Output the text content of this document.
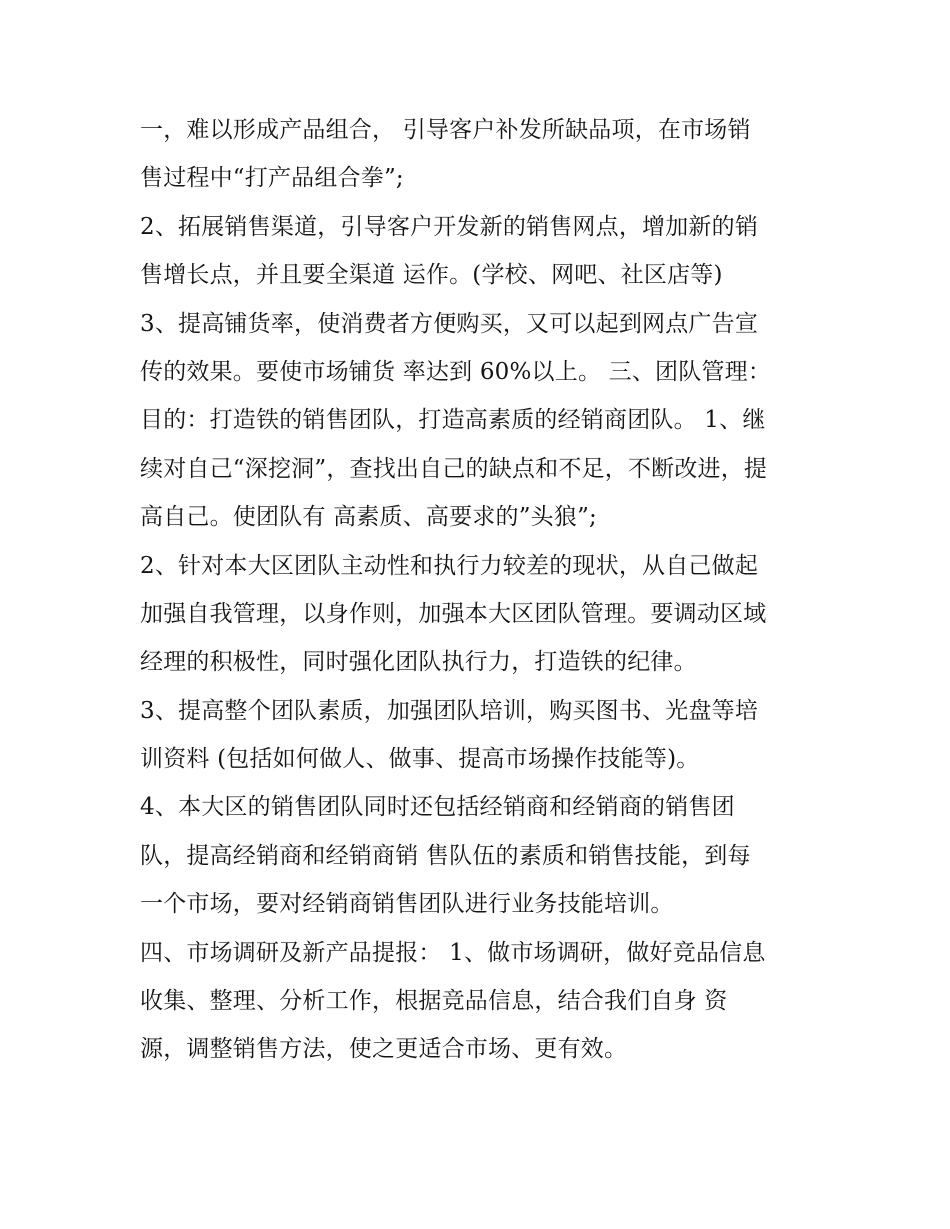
一，难以形成产品组合， 引导客户补发所缺品项，在市场销
售过程中“打产品组合拳”;
2、拓展销售渠道，引导客户开发新的销售网点，增加新的销
售增长点，并且要全渠道 运作。(学校、网吧、社区店等)
3、提高铺货率，使消费者方便购买，又可以起到网点广告宣
传的效果。要使市场铺货 率达到 60%以上。 三、团队管理：
目的：打造铁的销售团队，打造高素质的经销商团队。 1、继
续对自己“深挖洞”，查找出自己的缺点和不足，不断改进，提
高自己。使团队有 高素质、高要求的”头狼”;
2、针对本大区团队主动性和执行力较差的现状，从自己做起
加强自我管理，以身作则，加强本大区团队管理。要调动区域
经理的积极性，同时强化团队执行力，打造铁的纪律。
3、提高整个团队素质，加强团队培训，购买图书、光盘等培
训资料 (包括如何做人、做事、提高市场操作技能等)。
4、本大区的销售团队同时还包括经销商和经销商的销售团
队，提高经销商和经销商销 售队伍的素质和销售技能，到每
一个市场，要对经销商销售团队进行业务技能培训。
四、市场调研及新产品提报： 1、做市场调研，做好竞品信息
收集、整理、分析工作，根据竞品信息，结合我们自身 资
源，调整销售方法，使之更适合市场、更有效。
